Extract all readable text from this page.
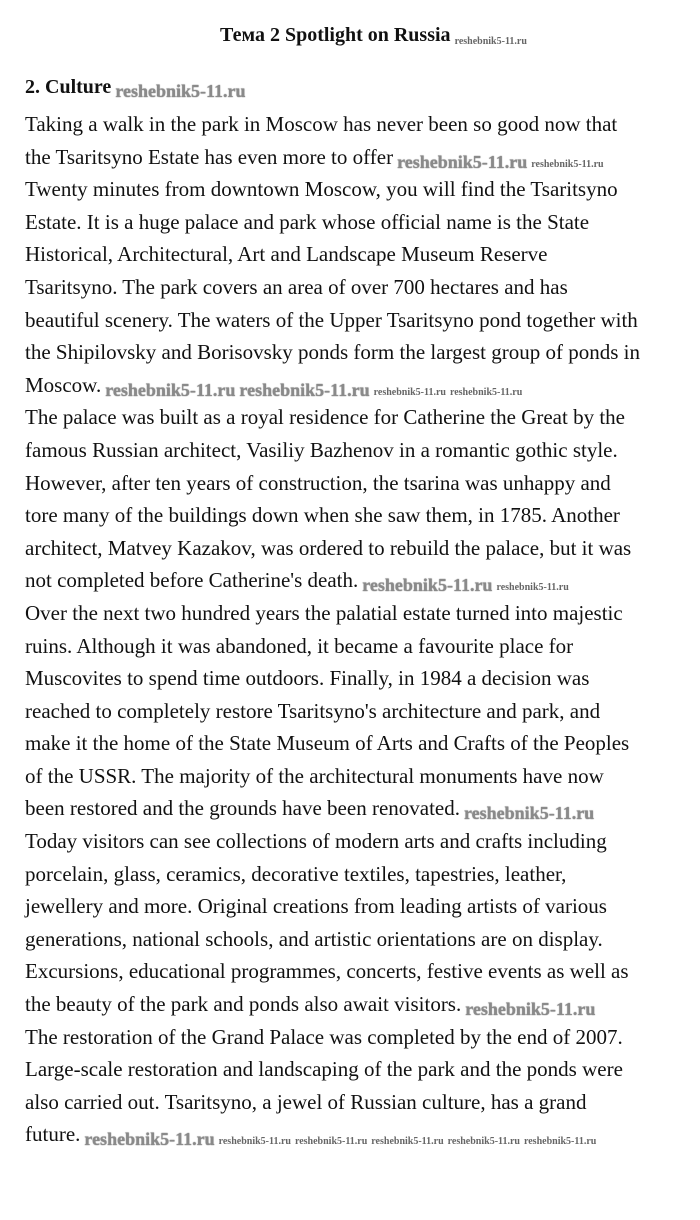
Тема 2 Spotlight on Russia reshebnik5-11.ru
2. Culture reshebnik5-11.ru
Taking a walk in the park in Moscow has never been so good now that
the Tsaritsyno Estate has even more to offer reshebnik5-11.ru reshebnik5-11.ru
Twenty minutes from downtown Moscow, you will find the Tsaritsyno
Estate. It is a huge palace and park whose official name is the State
Historical, Architectural, Art and Landscape Museum Reserve
Tsaritsyno. The park covers an area of over 700 hectares and has
beautiful scenery. The waters of the Upper Tsaritsyno pond together with
the Shipilovsky and Borisovsky ponds form the largest group of ponds in
Moscow. reshebnik5-11.ru reshebnik5-11.ru reshebnik5-11.ru reshebnik5-11.ru
The palace was built as a royal residence for Catherine the Great by the
famous Russian architect, Vasiliy Bazhenov in a romantic gothic style.
However, after ten years of construction, the tsarina was unhappy and
tore many of the buildings down when she saw them, in 1785. Another
architect, Matvey Kazakov, was ordered to rebuild the palace, but it was
not completed before Catherine's death. reshebnik5-11.ru reshebnik5-11.ru
Over the next two hundred years the palatial estate turned into majestic
ruins. Although it was abandoned, it became a favourite place for
Muscovites to spend time outdoors. Finally, in 1984 a decision was
reached to completely restore Tsaritsyno's architecture and park, and
make it the home of the State Museum of Arts and Crafts of the Peoples
of the USSR. The majority of the architectural monuments have now
been restored and the grounds have been renovated. reshebnik5-11.ru
Today visitors can see collections of modern arts and crafts including
porcelain, glass, ceramics, decorative textiles, tapestries, leather,
jewellery and more. Original creations from leading artists of various
generations, national schools, and artistic orientations are on display.
Excursions, educational programmes, concerts, festive events as well as
the beauty of the park and ponds also await visitors. reshebnik5-11.ru
The restoration of the Grand Palace was completed by the end of 2007.
Large-scale restoration and landscaping of the park and the ponds were
also carried out. Tsaritsyno, a jewel of Russian culture, has a grand
future. reshebnik5-11.ru reshebnik5-11.ru reshebnik5-11.ru reshebnik5-11.ru reshebnik5-11.ru reshebnik5-11.ru
